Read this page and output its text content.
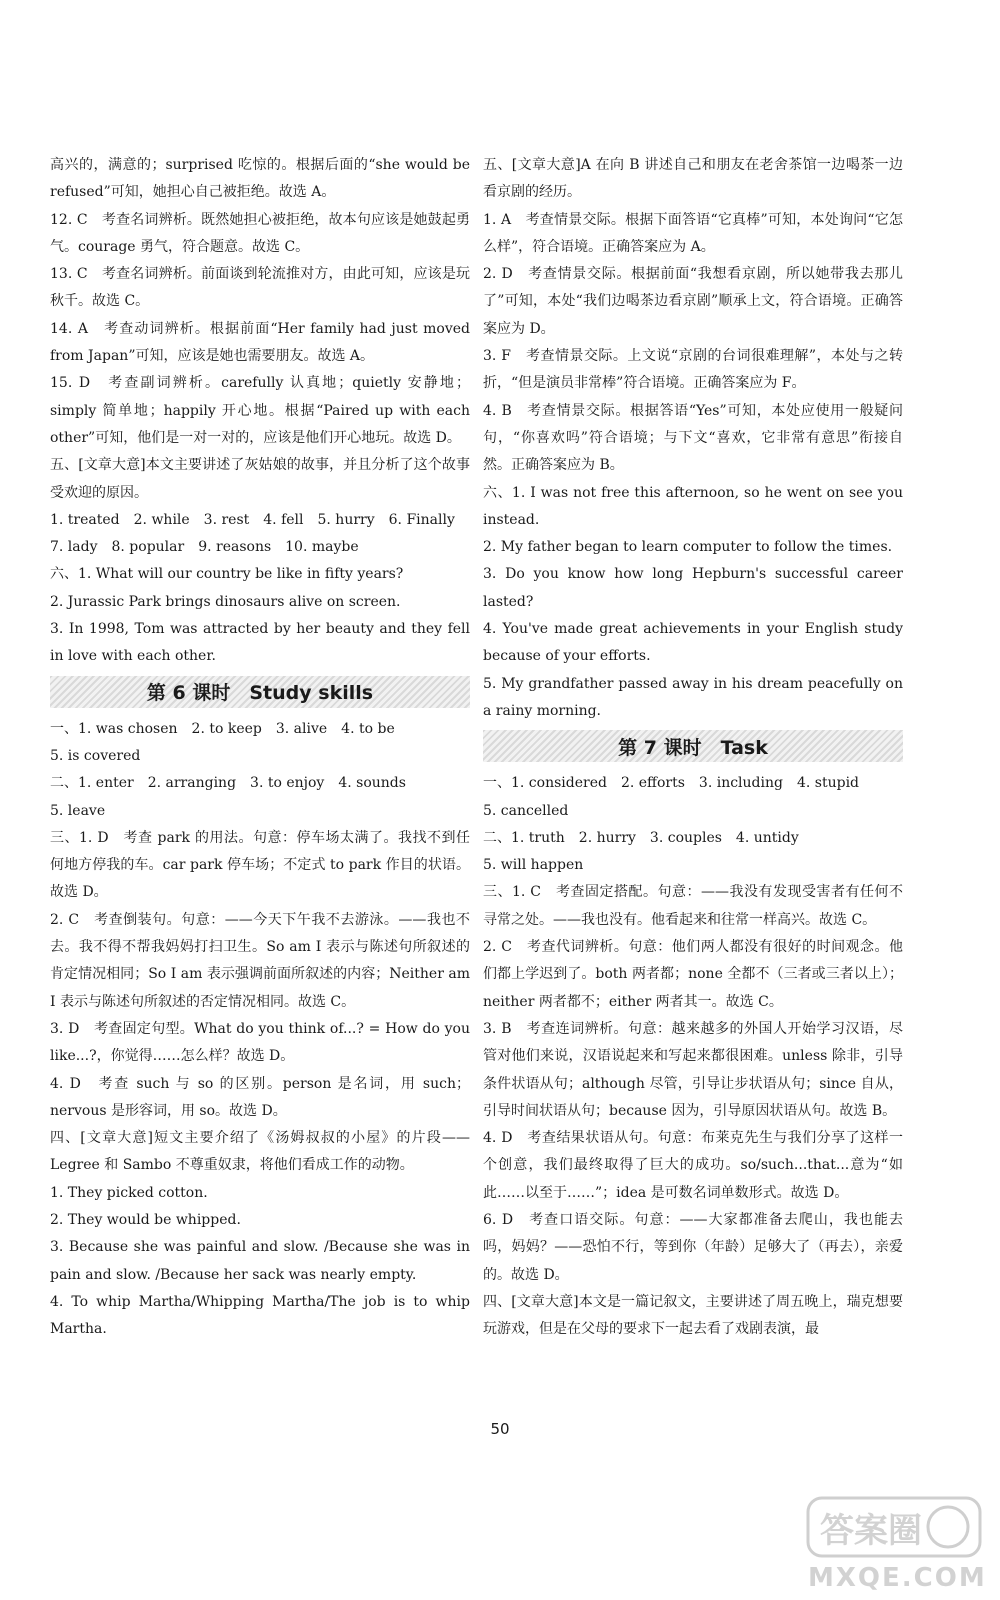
高兴的，满意的；surprised 吃惊的。根据后面的“she would be refused”可知，她担心自己被拒绝。故选 A。

12. C　考查名词辨析。既然她担心被拒绝，故本句应该是她鼓起勇气。courage 勇气，符合题意。故选 C。

13. C　考查名词辨析。前面谈到轮流推对方，由此可知，应该是玩秋千。故选 C。

14. A　考查动词辨析。根据前面“Her family had just moved from Japan”可知，应该是她也需要朋友。故选 A。

15. D　考查副词辨析。carefully 认真地；quietly 安静地；simply 简单地；happily 开心地。根据“Paired up with each other”可知，他们是一对一对的，应该是他们开心地玩。故选 D。

五、[文章大意]本文主要讲述了灰姑娘的故事，并且分析了这个故事受欢迎的原因。

1. treated　2. while　3. rest　4. fell　5. hurry　6. Finally

7. lady　8. popular　9. reasons　10. maybe

六、1. What will our country be like in fifty years?

2. Jurassic Park brings dinosaurs alive on screen.

3. In 1998, Tom was attracted by her beauty and they fell in love with each other.

第 6 课时　Study skills

一、1. was chosen　2. to keep　3. alive　4. to be

5. is covered

二、1. enter　2. arranging　3. to enjoy　4. sounds

5. leave

三、1. D　考查 park 的用法。句意：停车场太满了。我找不到任何地方停我的车。car park 停车场；不定式 to park 作目的状语。故选 D。

2. C　考查倒装句。句意：——今天下午我不去游泳。——我也不去。我不得不帮我妈妈打扫卫生。So am I 表示与陈述句所叙述的肯定情况相同；So I am 表示强调前面所叙述的内容；Neither am I 表示与陈述句所叙述的否定情况相同。故选 C。

3. D　考查固定句型。What do you think of...? = How do you like...?，你觉得……怎么样？故选 D。

4. D　考查 such 与 so 的区别。person 是名词，用 such；nervous 是形容词，用 so。故选 D。

四、[文章大意]短文主要介绍了《汤姆叔叔的小屋》的片段——Legree 和 Sambo 不尊重奴隶，将他们看成工作的动物。

1. They picked cotton.

2. They would be whipped.

3. Because she was painful and slow. /Because she was in pain and slow. /Because her sack was nearly empty.

4. To whip Martha/Whipping Martha/The job is to whip Martha.

五、[文章大意]A 在向 B 讲述自己和朋友在老舍茶馆一边喝茶一边看京剧的经历。

1. A　考查情景交际。根据下面答语“它真棒”可知，本处询问“它怎么样”，符合语境。正确答案应为 A。

2. D　考查情景交际。根据前面“我想看京剧，所以她带我去那儿了”可知，本处“我们边喝茶边看京剧”顺承上文，符合语境。正确答案应为 D。

3. F　考查情景交际。上文说“京剧的台词很难理解”，本处与之转折，“但是演员非常棒”符合语境。正确答案应为 F。

4. B　考查情景交际。根据答语“Yes”可知，本处应使用一般疑问句，“你喜欢吗”符合语境；与下文“喜欢，它非常有意思”衔接自然。正确答案应为 B。

六、1. I was not free this afternoon, so he went on see you instead.

2. My father began to learn computer to follow the times.

3. Do you know how long Hepburn's successful career lasted?

4. You've made great achievements in your English study because of your efforts.

5. My grandfather passed away in his dream peacefully on a rainy morning.

第 7 课时　Task

一、1. considered　2. efforts　3. including　4. stupid

5. cancelled

二、1. truth　2. hurry　3. couples　4. untidy

5. will happen

三、1. C　考查固定搭配。句意：——我没有发现受害者有任何不寻常之处。——我也没有。他看起来和往常一样高兴。故选 C。

2. C　考查代词辨析。句意：他们两人都没有很好的时间观念。他们都上学迟到了。both 两者都；none 全都不（三者或三者以上）；neither 两者都不；either 两者其一。故选 C。

3. B　考查连词辨析。句意：越来越多的外国人开始学习汉语，尽管对他们来说，汉语说起来和写起来都很困难。unless 除非，引导条件状语从句；although 尽管，引导让步状语从句；since 自从，引导时间状语从句；because 因为，引导原因状语从句。故选 B。

4. D　考查结果状语从句。句意：布莱克先生与我们分享了这样一个创意，我们最终取得了巨大的成功。so/such...that...意为“如此……以至于……”；idea 是可数名词单数形式。故选 D。

6. D　考查口语交际。句意：——大家都准备去爬山，我也能去吗，妈妈？——恐怕不行，等到你（年龄）足够大了（再去），亲爱的。故选 D。

四、[文章大意]本文是一篇记叙文，主要讲述了周五晚上，瑞克想要玩游戏，但是在父母的要求下一起去看了戏剧表演，最

50
答案圈
MXQE.COM
